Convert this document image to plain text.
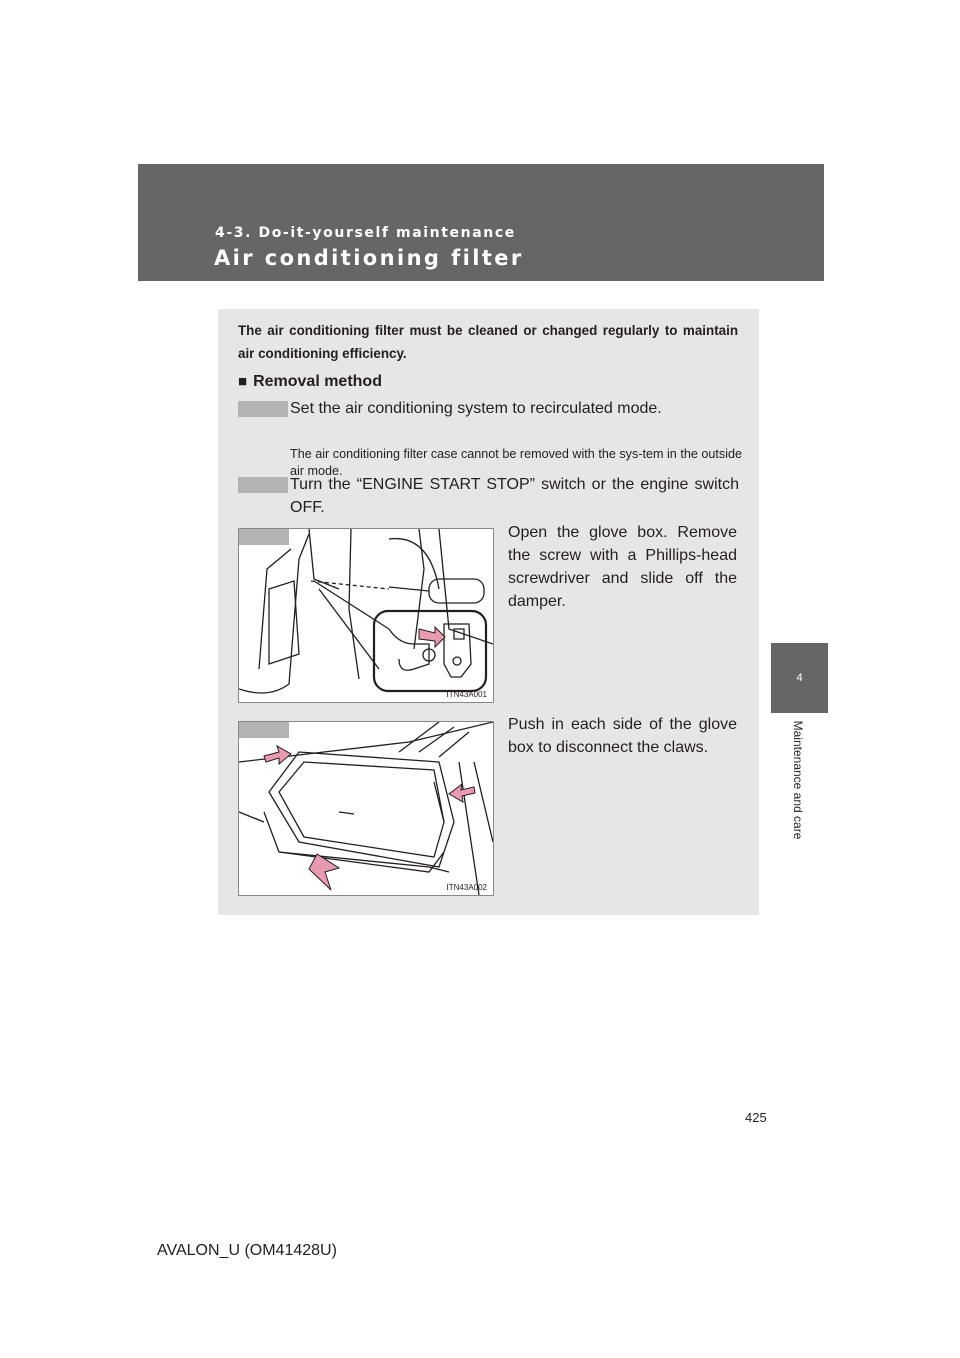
4-3. Do-it-yourself maintenance
Air conditioning filter
4
Maintenance and care
The air conditioning filter must be cleaned or changed regularly to maintain air conditioning efficiency.
■ Removal method
Set the air conditioning system to recirculated mode.
The air conditioning filter case cannot be removed with the sys-tem in the outside air mode.
Turn the “ENGINE START STOP” switch or the engine switch OFF.
ITN43A001
Open the glove box. Remove the screw with a Phillips-head screwdriver and slide off the damper.
ITN43A002
Push in each side of the glove box to disconnect the claws.
425
AVALON_U (OM41428U)
